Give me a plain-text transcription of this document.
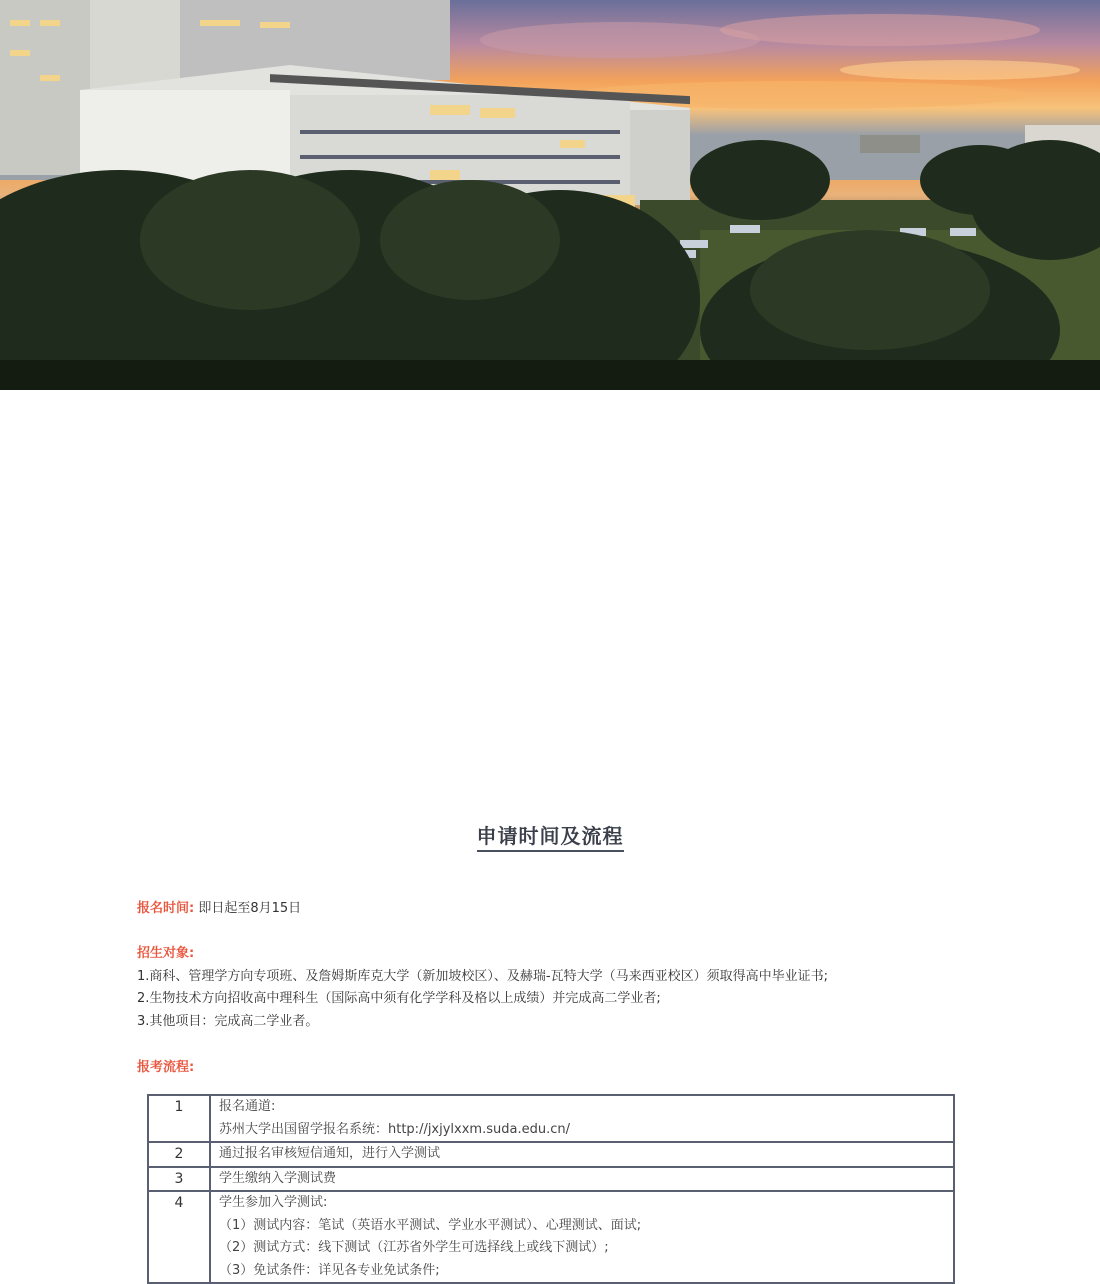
申请时间及流程
报名时间: 即日起至8月15日
招生对象:
1.商科、管理学方向专项班、及詹姆斯库克大学（新加坡校区）、及赫瑞-瓦特大学（马来西亚校区）须取得高中毕业证书;
2.生物技术方向招收高中理科生（国际高中须有化学学科及格以上成绩）并完成高二学业者;
3.其他项目：完成高二学业者。
报考流程:
1	报名通道:
苏州大学出国留学报名系统：http://jxjylxxm.suda.edu.cn/

2	通过报名审核短信通知，进行入学测试

3	学生缴纳入学测试费

4	学生参加入学测试:
（1）测试内容：笔试（英语水平测试、学业水平测试）、心理测试、面试;
（2）测试方式：线下测试（江苏省外学生可选择线上或线下测试）;
（3）免试条件：详见各专业免试条件;
